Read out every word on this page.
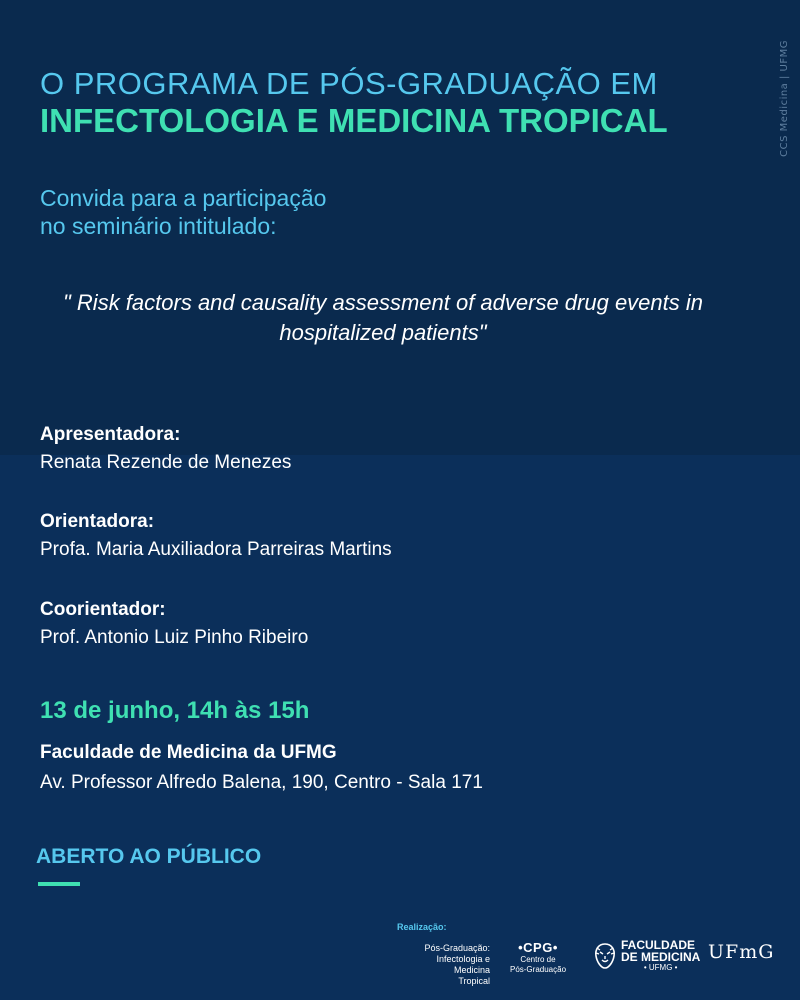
CCS Medicina | UFMG
O PROGRAMA DE PÓS-GRADUAÇÃO EM
INFECTOLOGIA E MEDICINA TROPICAL
Convida para a participação
no seminário intitulado:
" Risk factors and causality assessment of adverse drug events in hospitalized patients"
Apresentadora:
Renata Rezende de Menezes
Orientadora:
Profa. Maria Auxiliadora Parreiras Martins
Coorientador:
Prof. Antonio Luiz Pinho Ribeiro
13 de junho, 14h às 15h
Faculdade de Medicina da UFMG
Av. Professor Alfredo Balena, 190, Centro - Sala 171
ABERTO AO PÚBLICO
Realização:
Pós-Graduação:
Infectologia e Medicina
Tropical
•CPG•
Centro de
Pós-Graduação
FACULDADE
DE MEDICINA
• UFMG •
UFmG
